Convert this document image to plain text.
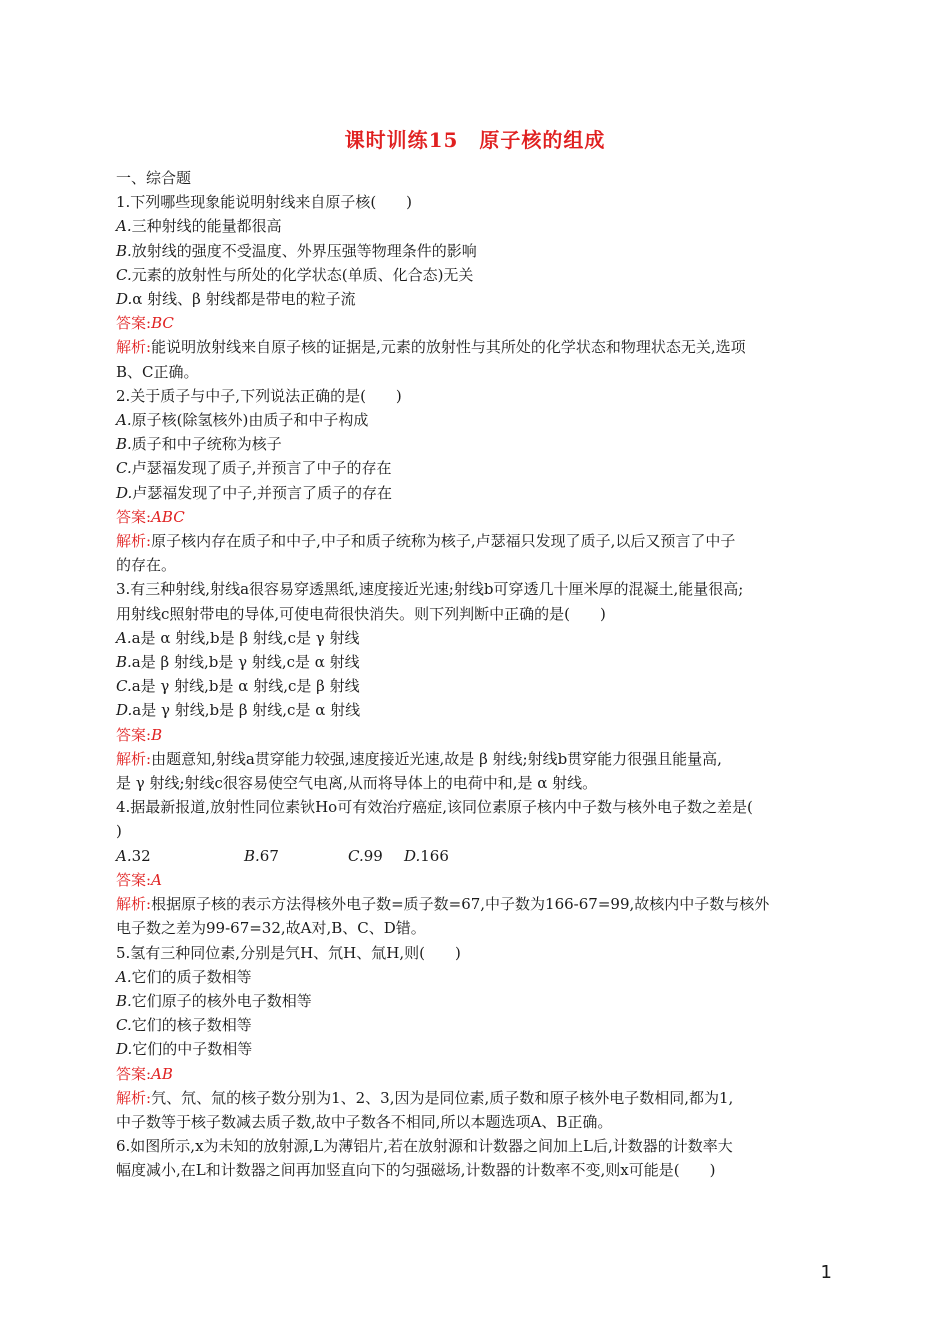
课时训练15　原子核的组成
一、综合题
1.下列哪些现象能说明射线来自原子核(　　)
A.三种射线的能量都很高
B.放射线的强度不受温度、外界压强等物理条件的影响
C.元素的放射性与所处的化学状态(单质、化合态)无关
D.α 射线、β 射线都是带电的粒子流
答案:BC
解析:能说明放射线来自原子核的证据是,元素的放射性与其所处的化学状态和物理状态无关,选项
B、C正确。
2.关于质子与中子,下列说法正确的是(　　)
A.原子核(除氢核外)由质子和中子构成
B.质子和中子统称为核子
C.卢瑟福发现了质子,并预言了中子的存在
D.卢瑟福发现了中子,并预言了质子的存在
答案:ABC
解析:原子核内存在质子和中子,中子和质子统称为核子,卢瑟福只发现了质子,以后又预言了中子
的存在。
3.有三种射线,射线a很容易穿透黑纸,速度接近光速;射线b可穿透几十厘米厚的混凝土,能量很高;
用射线c照射带电的导体,可使电荷很快消失。则下列判断中正确的是(　　)
A.a是 α 射线,b是 β 射线,c是 γ 射线
B.a是 β 射线,b是 γ 射线,c是 α 射线
C.a是 γ 射线,b是 α 射线,c是 β 射线
D.a是 γ 射线,b是 β 射线,c是 α 射线
答案:B
解析:由题意知,射线a贯穿能力较强,速度接近光速,故是 β 射线;射线b贯穿能力很强且能量高,
是 γ 射线;射线c很容易使空气电离,从而将导体上的电荷中和,是 α 射线。
4.据最新报道,放射性同位素钬Ho可有效治疗癌症,该同位素原子核内中子数与核外电子数之差是(
)
A.32	B.67	C.99	D.166
答案:A
解析:根据原子核的表示方法得核外电子数=质子数=67,中子数为166-67=99,故核内中子数与核外
电子数之差为99-67=32,故A对,B、C、D错。
5.氢有三种同位素,分别是氕H、氘H、氚H,则(　　)
A.它们的质子数相等
B.它们原子的核外电子数相等
C.它们的核子数相等
D.它们的中子数相等
答案:AB
解析:氕、氘、氚的核子数分别为1、2、3,因为是同位素,质子数和原子核外电子数相同,都为1,
中子数等于核子数减去质子数,故中子数各不相同,所以本题选项A、B正确。
6.如图所示,x为未知的放射源,L为薄铝片,若在放射源和计数器之间加上L后,计数器的计数率大
幅度减小,在L和计数器之间再加竖直向下的匀强磁场,计数器的计数率不变,则x可能是(　　)
1
